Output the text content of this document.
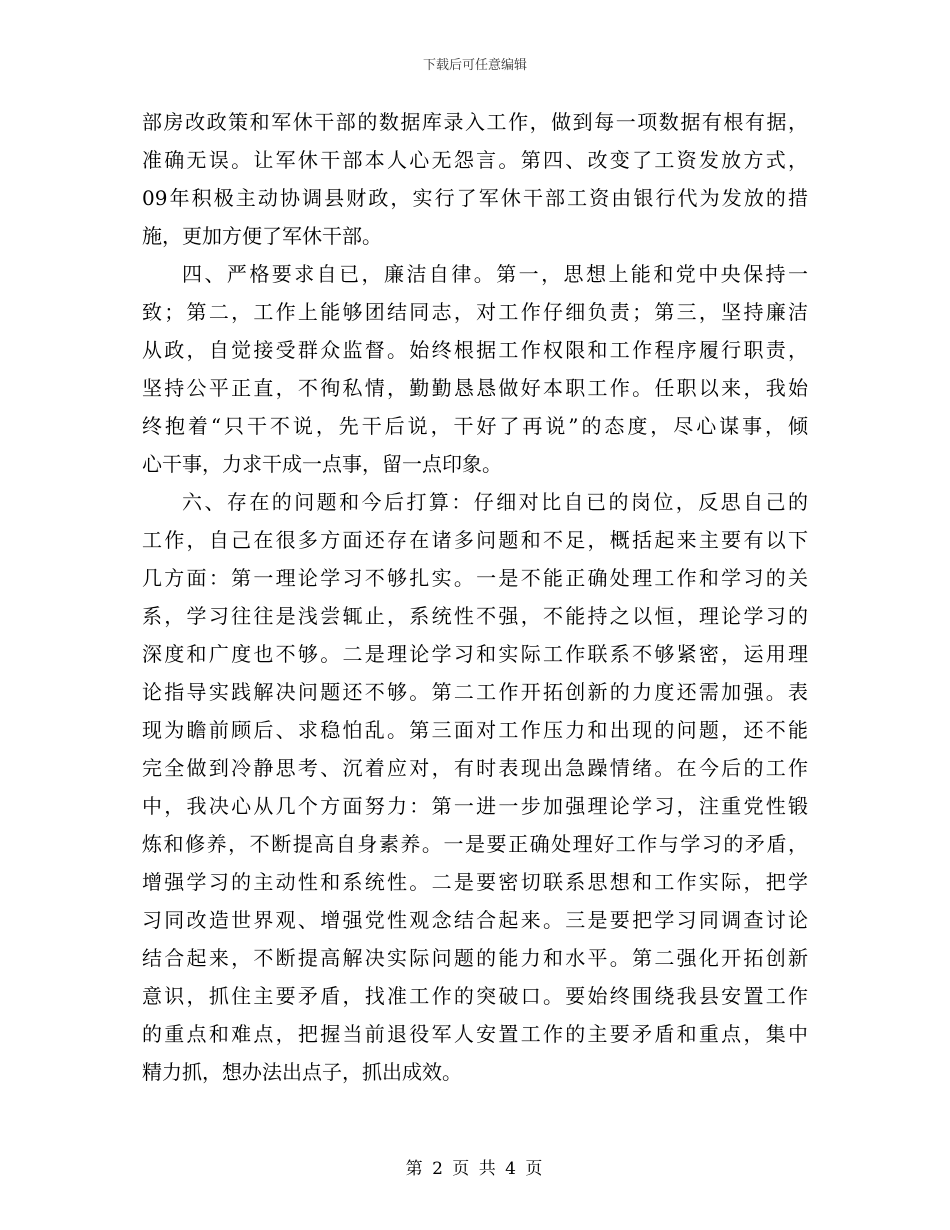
下载后可任意编辑
部房改政策和军休干部的数据库录入工作，做到每一项数据有根有据，
准确无误。让军休干部本人心无怨言。第四、改变了工资发放方式，
09年积极主动协调县财政，实行了军休干部工资由银行代为发放的措
施，更加方便了军休干部。
四、严格要求自已，廉洁自律。第一，思想上能和党中央保持一
致；第二，工作上能够团结同志，对工作仔细负责；第三，坚持廉洁
从政，自觉接受群众监督。始终根据工作权限和工作程序履行职责，
坚持公平正直，不徇私情，勤勤恳恳做好本职工作。任职以来，我始
终抱着“只干不说，先干后说，干好了再说”的态度，尽心谋事，倾
心干事，力求干成一点事，留一点印象。
六、存在的问题和今后打算：仔细对比自已的岗位，反思自己的
工作，自己在很多方面还存在诸多问题和不足，概括起来主要有以下
几方面：第一理论学习不够扎实。一是不能正确处理工作和学习的关
系，学习往往是浅尝辄止，系统性不强，不能持之以恒，理论学习的
深度和广度也不够。二是理论学习和实际工作联系不够紧密，运用理
论指导实践解决问题还不够。第二工作开拓创新的力度还需加强。表
现为瞻前顾后、求稳怕乱。第三面对工作压力和出现的问题，还不能
完全做到冷静思考、沉着应对，有时表现出急躁情绪。在今后的工作
中，我决心从几个方面努力：第一进一步加强理论学习，注重党性锻
炼和修养，不断提高自身素养。一是要正确处理好工作与学习的矛盾，
增强学习的主动性和系统性。二是要密切联系思想和工作实际，把学
习同改造世界观、增强党性观念结合起来。三是要把学习同调查讨论
结合起来，不断提高解决实际问题的能力和水平。第二强化开拓创新
意识，抓住主要矛盾，找准工作的突破口。要始终围绕我县安置工作
的重点和难点，把握当前退役军人安置工作的主要矛盾和重点，集中
精力抓，想办法出点子，抓出成效。
第 2 页 共 4 页
